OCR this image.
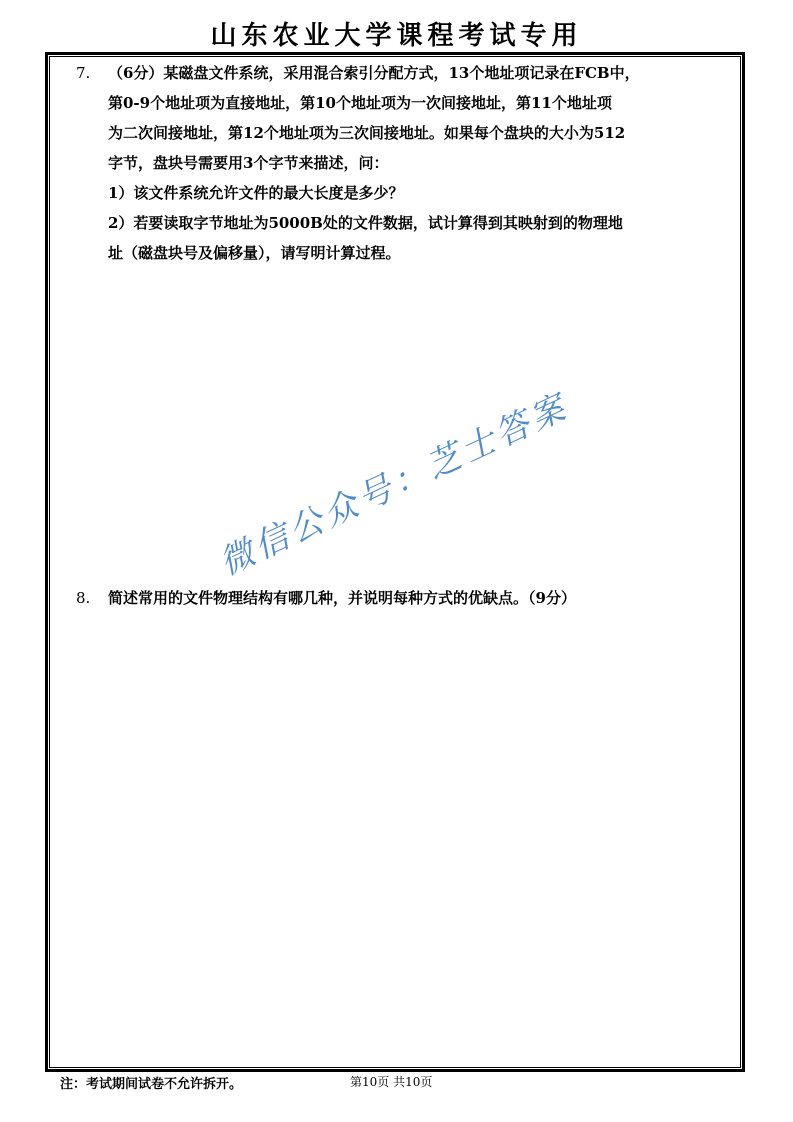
山东农业大学课程考试专用
7. （6分）某磁盘文件系统，采用混合索引分配方式，13个地址项记录在FCB中，
第0-9个地址项为直接地址，第10个地址项为一次间接地址，第11个地址项
为二次间接地址，第12个地址项为三次间接地址。如果每个盘块的大小为512
字节，盘块号需要用3个字节来描述，问：
1）该文件系统允许文件的最大长度是多少？
2）若要读取字节地址为5000B处的文件数据，试计算得到其映射到的物理地
址（磁盘块号及偏移量），请写明计算过程。
8. 简述常用的文件物理结构有哪几种，并说明每种方式的优缺点。（9分）
微信公众号：芝士答案
注：考试期间试卷不允许拆开。	第10页 共10页
